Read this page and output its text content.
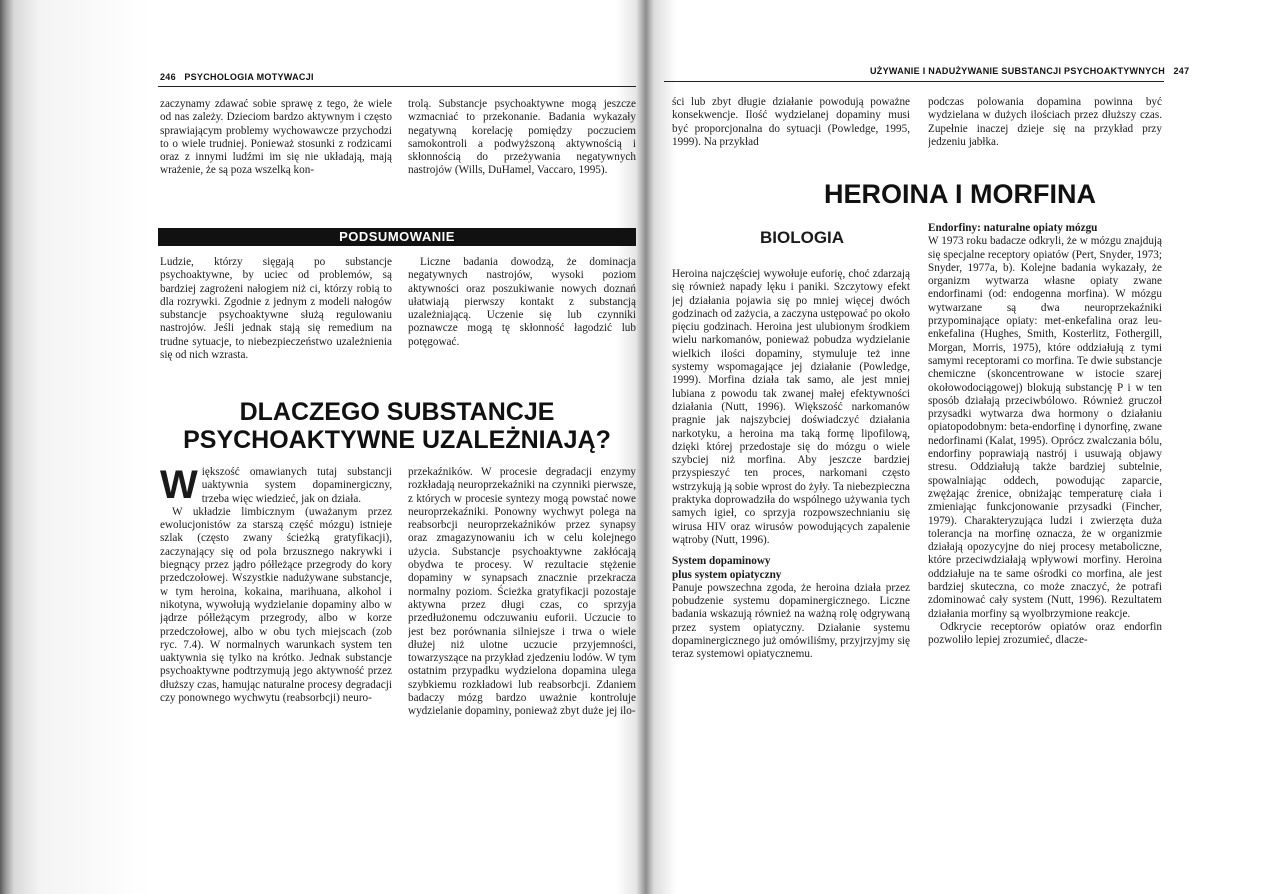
246 PSYCHOLOGIA MOTYWACJI

zaczynamy zdawać sobie sprawę z tego, że wiele od nas zależy. Dzieciom bardzo aktywnym i często sprawiającym problemy wychowawcze przychodzi to o wiele trudniej. Ponieważ stosunki z rodzicami oraz z innymi ludźmi im się nie układają, mają wrażenie, że są poza wszelką kon-

trolą. Substancje psychoaktywne mogą jeszcze wzmacniać to przekonanie. Badania wykazały negatywną korelację pomiędzy poczuciem samokontroli a podwyższoną aktywnością i skłonnością do przeżywania negatywnych nastrojów (Wills, DuHamel, Vaccaro, 1995).

PODSUMOWANIE

Ludzie, którzy sięgają po substancje psychoaktywne, by uciec od problemów, są bardziej zagrożeni nałogiem niż ci, którzy robią to dla rozrywki. Zgodnie z jednym z modeli nałogów substancje psychoaktywne służą regulowaniu nastrojów. Jeśli jednak stają się remedium na trudne sytuacje, to niebezpieczeństwo uzależnienia się od nich wzrasta.

Liczne badania dowodzą, że dominacja negatywnych nastrojów, wysoki poziom aktywności oraz poszukiwanie nowych doznań ułatwiają pierwszy kontakt z substancją uzależniającą. Uczenie się lub czynniki poznawcze mogą tę skłonność łagodzić lub potęgować.

DLACZEGO SUBSTANCJE
PSYCHOAKTYWNE UZALEŻNIAJĄ?

Większość omawianych tutaj substancji uaktywnia system dopaminergiczny, trzeba więc wiedzieć, jak on działa.

W układzie limbicznym (uważanym przez ewolucjonistów za starszą część mózgu) istnieje szlak (często zwany ścieżką gratyfikacji), zaczynający się od pola brzusznego nakrywki i biegnący przez jądro półleżące przegrody do kory przedczołowej. Wszystkie nadużywane substancje, w tym heroina, kokaina, marihuana, alkohol i nikotyna, wywołują wydzielanie dopaminy albo w jądrze półleżącym przegrody, albo w korze przedczołowej, albo w obu tych miejscach (zob ryc. 7.4). W normalnych warunkach system ten uaktywnia się tylko na krótko. Jednak substancje psychoaktywne podtrzymują jego aktywność przez dłuższy czas, hamując naturalne procesy degradacji czy ponownego wychwytu (reabsorbcji) neuro-

przekaźników. W procesie degradacji enzymy rozkładają neuroprzekaźniki na czynniki pierwsze, z których w procesie syntezy mogą powstać nowe neuroprzekaźniki. Ponowny wychwyt polega na reabsorbcji neuroprzekaźników przez synapsy oraz zmagazynowaniu ich w celu kolejnego użycia. Substancje psychoaktywne zakłócają obydwa te procesy. W rezultacie stężenie dopaminy w synapsach znacznie przekracza normalny poziom. Ścieżka gratyfikacji pozostaje aktywna przez długi czas, co sprzyja przedłużonemu odczuwaniu euforii. Uczucie to jest bez porównania silniejsze i trwa o wiele dłużej niż ulotne uczucie przyjemności, towarzyszące na przykład zjedzeniu lodów. W tym ostatnim przypadku wydzielona dopamina ulega szybkiemu rozkładowi lub reabsorbcji. Zdaniem badaczy mózg bardzo uważnie kontroluje wydzielanie dopaminy, ponieważ zbyt duże jej ilo-

UŻYWANIE I NADUŻYWANIE SUBSTANCJI PSYCHOAKTYWNYCH 247

ści lub zbyt długie działanie powodują poważne konsekwencje. Ilość wydzielanej dopaminy musi być proporcjonalna do sytuacji (Powledge, 1995, 1999). Na przykład

podczas polowania dopamina powinna być wydzielana w dużych ilościach przez dłuższy czas. Zupełnie inaczej dzieje się na przykład przy jedzeniu jabłka.

HEROINA I MORFINA
BIOLOGIA

Heroina najczęściej wywołuje euforię, choć zdarzają się również napady lęku i paniki. Szczytowy efekt jej działania pojawia się po mniej więcej dwóch godzinach od zażycia, a zaczyna ustępować po około pięciu godzinach. Heroina jest ulubionym środkiem wielu narkomanów, ponieważ pobudza wydzielanie wielkich ilości dopaminy, stymuluje też inne systemy wspomagające jej działanie (Powledge, 1999). Morfina działa tak samo, ale jest mniej lubiana z powodu tak zwanej małej efektywności działania (Nutt, 1996). Większość narkomanów pragnie jak najszybciej doświadczyć działania narkotyku, a heroina ma taką formę lipofilową, dzięki której przedostaje się do mózgu o wiele szybciej niż morfina. Aby jeszcze bardziej przyspieszyć ten proces, narkomani często wstrzykują ją sobie wprost do żyły. Ta niebezpieczna praktyka doprowadziła do wspólnego używania tych samych igieł, co sprzyja rozpowszechnianiu się wirusa HIV oraz wirusów powodujących zapalenie wątroby (Nutt, 1996).

System dopaminowy

plus system opiatyczny

Panuje powszechna zgoda, że heroina działa przez pobudzenie systemu dopaminergicznego. Liczne badania wskazują również na ważną rolę odgrywaną przez system opiatyczny. Działanie systemu dopaminergicznego już omówiliśmy, przyjrzyjmy się teraz systemowi opiatycznemu.

Endorfiny: naturalne opiaty mózgu

W 1973 roku badacze odkryli, że w mózgu znajdują się specjalne receptory opiatów (Pert, Snyder, 1973; Snyder, 1977a, b). Kolejne badania wykazały, że organizm wytwarza własne opiaty zwane endorfinami (od: endogenna morfina). W mózgu wytwarzane są dwa neuroprzekaźniki przypominające opiaty: met-enkefalina oraz leu-enkefalina (Hughes, Smith, Kosterlitz, Fothergill, Morgan, Morris, 1975), które oddziałują z tymi samymi receptorami co morfina. Te dwie substancje chemiczne (skoncentrowane w istocie szarej okołowodociągowej) blokują substancję P i w ten sposób działają przeciwbólowo. Również gruczoł przysadki wytwarza dwa hormony o działaniu opiatopodobnym: beta-endorfinę i dynorfinę, zwane nedorfinami (Kalat, 1995). Oprócz zwalczania bólu, endorfiny poprawiają nastrój i usuwają objawy stresu. Oddziałują także bardziej subtelnie, spowalniając oddech, powodując zaparcie, zwężając źrenice, obniżając temperaturę ciała i zmieniając funkcjonowanie przysadki (Fincher, 1979). Charakteryzująca ludzi i zwierzęta duża tolerancja na morfinę oznacza, że w organizmie działają opozycyjne do niej procesy metaboliczne, które przeciwdziałają wpływowi morfiny. Heroina oddziałuje na te same ośrodki co morfina, ale jest bardziej skuteczna, co może znaczyć, że potrafi zdominować cały system (Nutt, 1996). Rezultatem działania morfiny są wyolbrzymione reakcje.

Odkrycie receptorów opiatów oraz endorfin pozwoliło lepiej zrozumieć, dlacze-
